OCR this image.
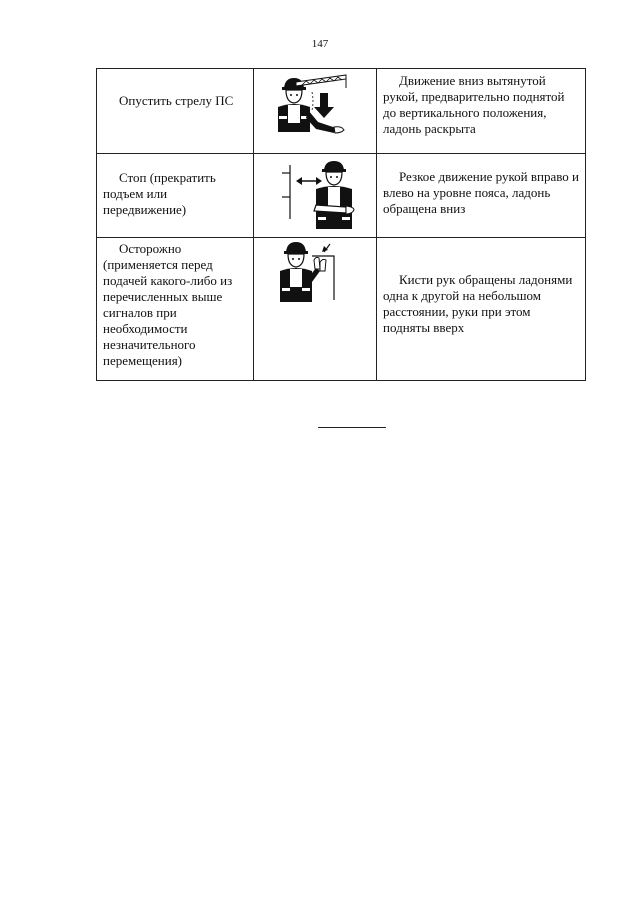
147
Опустить стрелу ПС		Движение вниз вытянутой рукой, предварительно поднятой до вертикального положения, ладонь раскрыта

Стоп (прекратить подъем или передвижение)		Резкое движение рукой вправо и влево на уровне пояса, ладонь обращена вниз

Осторожно (применяется перед подачей какого-либо из перечисленных выше сигналов при необходимости незначительного перемещения)		Кисти рук обращены ладонями одна к другой на небольшом расстоянии, руки при этом подняты вверх
